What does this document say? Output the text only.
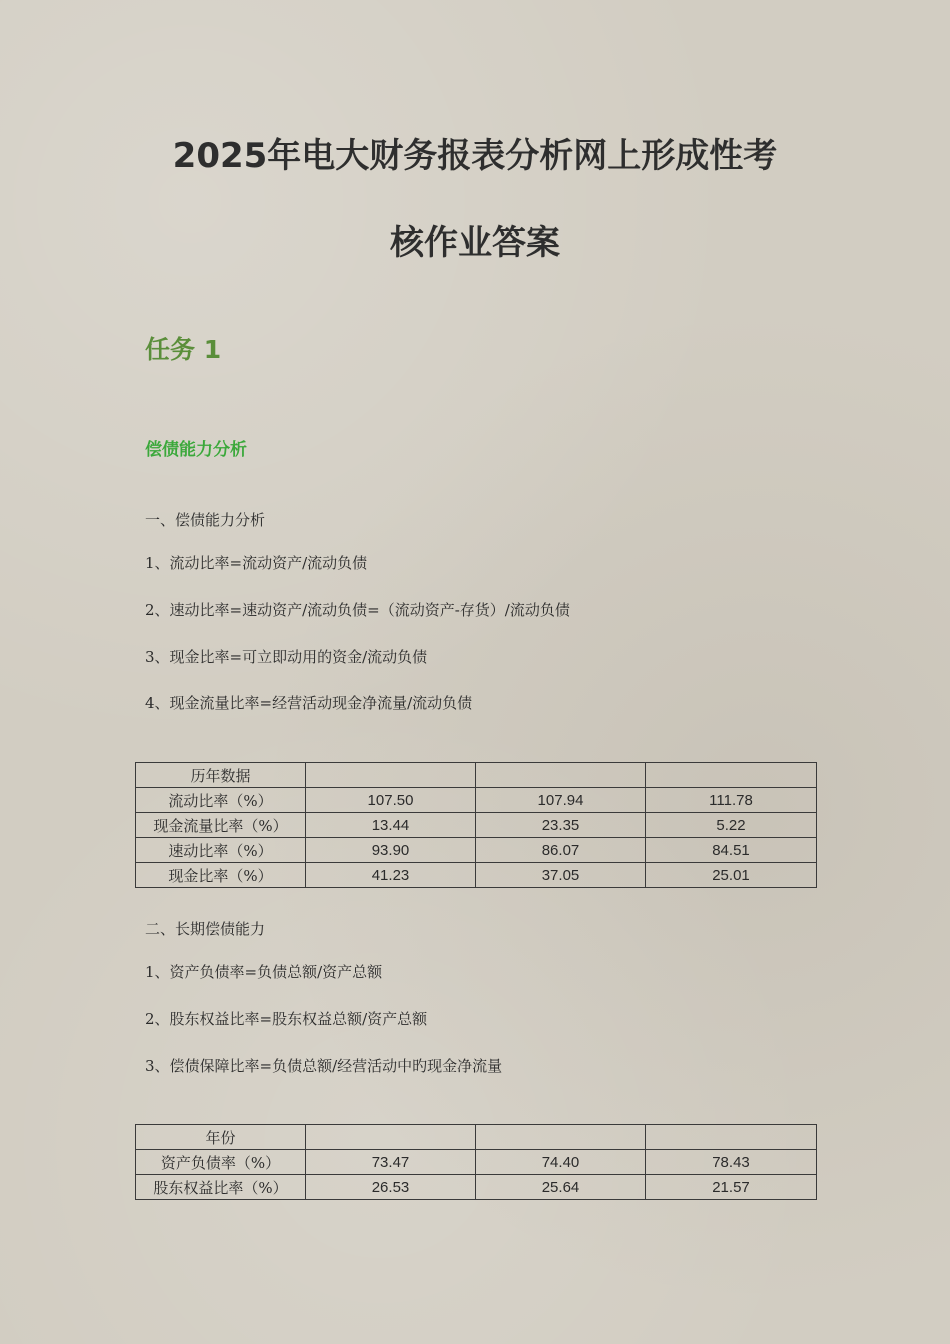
2025年电大财务报表分析网上形成性考
核作业答案
任务 1
偿债能力分析

一、偿债能力分析

1、流动比率=流动资产/流动负债

2、速动比率=速动资产/流动负债=（流动资产-存货）/流动负债

3、现金比率=可立即动用的资金/流动负债

4、现金流量比率=经营活动现金净流量/流动负债

历年数据			
流动比率（%）	107.50	107.94	111.78
现金流量比率（%）	13.44	23.35	5.22
速动比率（%）	93.90	86.07	84.51
现金比率（%）	41.23	37.05	25.01

二、长期偿债能力

1、资产负债率=负债总额/资产总额

2、股东权益比率=股东权益总额/资产总额

3、偿债保障比率=负债总额/经营活动中旳现金净流量

年份			
资产负债率（%）	73.47	74.40	78.43
股东权益比率（%）	26.53	25.64	21.57
